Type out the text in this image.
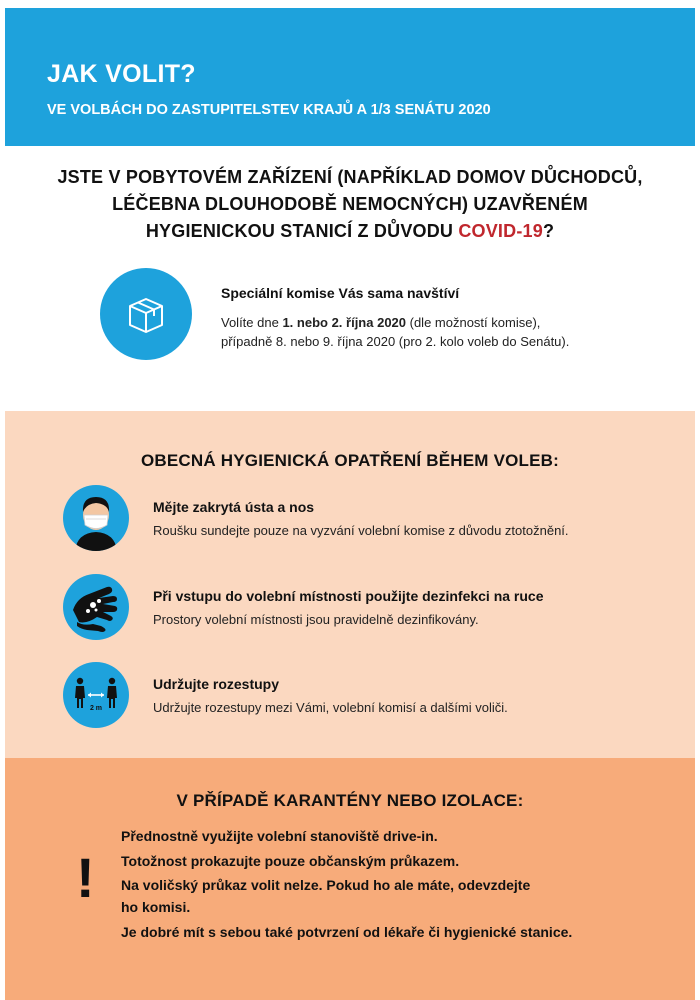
JAK VOLIT?
VE VOLBÁCH DO ZASTUPITELSTEV KRAJŮ A 1/3 SENÁTU 2020
JSTE V POBYTOVÉM ZAŘÍZENÍ (NAPŘÍKLAD DOMOV DŮCHODCŮ,
LÉČEBNA DLOUHODOBĚ NEMOCNÝCH) UZAVŘENÉM
HYGIENICKOU STANICÍ Z DŮVODU COVID-19?
Speciální komise Vás sama navštíví
Volíte dne 1. nebo 2. října 2020 (dle možností komise),
případně 8. nebo 9. října 2020 (pro 2. kolo voleb do Senátu).
OBECNÁ HYGIENICKÁ OPATŘENÍ BĚHEM VOLEB:
Mějte zakrytá ústa a nos
Roušku sundejte pouze na vyzvání volební komise z důvodu ztotožnění.
Při vstupu do volební místnosti použijte dezinfekci na ruce
Prostory volební místnosti jsou pravidelně dezinfikovány.
2 m
Udržujte rozestupy
Udržujte rozestupy mezi Vámi, volební komisí a dalšími voliči.
V PŘÍPADĚ KARANTÉNY NEBO IZOLACE:
!
Přednostně využijte volební stanoviště drive-in.
Totožnost prokazujte pouze občanským průkazem.
Na voličský průkaz volit nelze. Pokud ho ale máte, odevzdejte
ho komisi.
Je dobré mít s sebou také potvrzení od lékaře či hygienické stanice.
